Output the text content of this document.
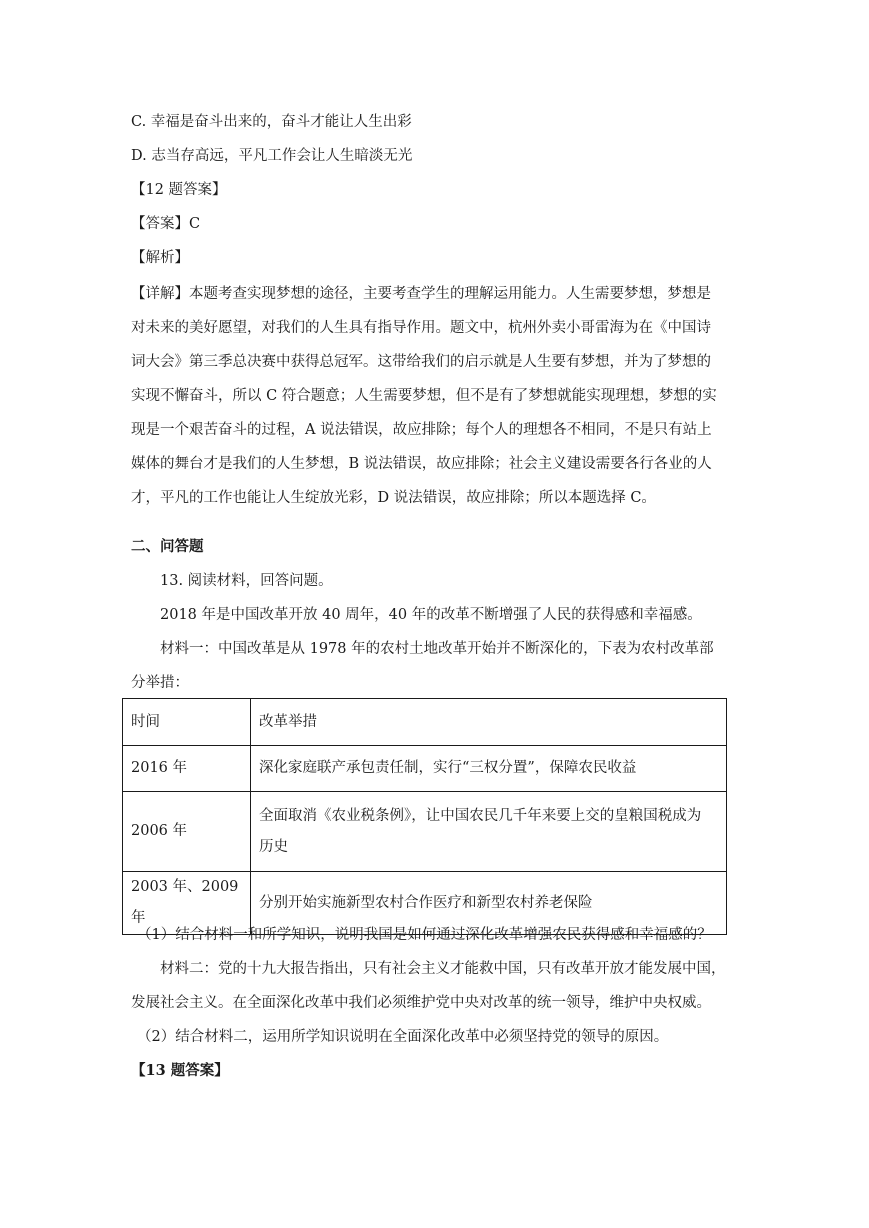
C. 幸福是奋斗出来的，奋斗才能让人生出彩
D. 志当存高远，平凡工作会让人生暗淡无光
【12 题答案】
【答案】C
【解析】
【详解】本题考查实现梦想的途径，主要考查学生的理解运用能力。人生需要梦想，梦想是
对未来的美好愿望，对我们的人生具有指导作用。题文中，杭州外卖小哥雷海为在《中国诗
词大会》第三季总决赛中获得总冠军。这带给我们的启示就是人生要有梦想，并为了梦想的
实现不懈奋斗，所以 C 符合题意；人生需要梦想，但不是有了梦想就能实现理想，梦想的实
现是一个艰苦奋斗的过程，A 说法错误，故应排除；每个人的理想各不相同，不是只有站上
媒体的舞台才是我们的人生梦想，B 说法错误，故应排除；社会主义建设需要各行各业的人
才，平凡的工作也能让人生绽放光彩，D 说法错误，故应排除；所以本题选择 C。
二、问答题
13. 阅读材料，回答问题。
2018 年是中国改革开放 40 周年，40 年的改革不断增强了人民的获得感和幸福感。
材料一：中国改革是从 1978 年的农村土地改革开始并不断深化的，下表为农村改革部
分举措：
时间	改革举措
2016 年	深化家庭联产承包责任制，实行“三权分置”，保障农民收益
2006 年	全面取消《农业税条例》，让中国农民几千年来要上交的皇粮国税成为
历史

2003 年、2009 年	分别开始实施新型农村合作医疗和新型农村养老保险
（1）结合材料一和所学知识，说明我国是如何通过深化改革增强农民获得感和幸福感的？
材料二：党的十九大报告指出，只有社会主义才能救中国，只有改革开放才能发展中国，
发展社会主义。在全面深化改革中我们必须维护党中央对改革的统一领导，维护中央权威。
（2）结合材料二，运用所学知识说明在全面深化改革中必须坚持党的领导的原因。
【13 题答案】
